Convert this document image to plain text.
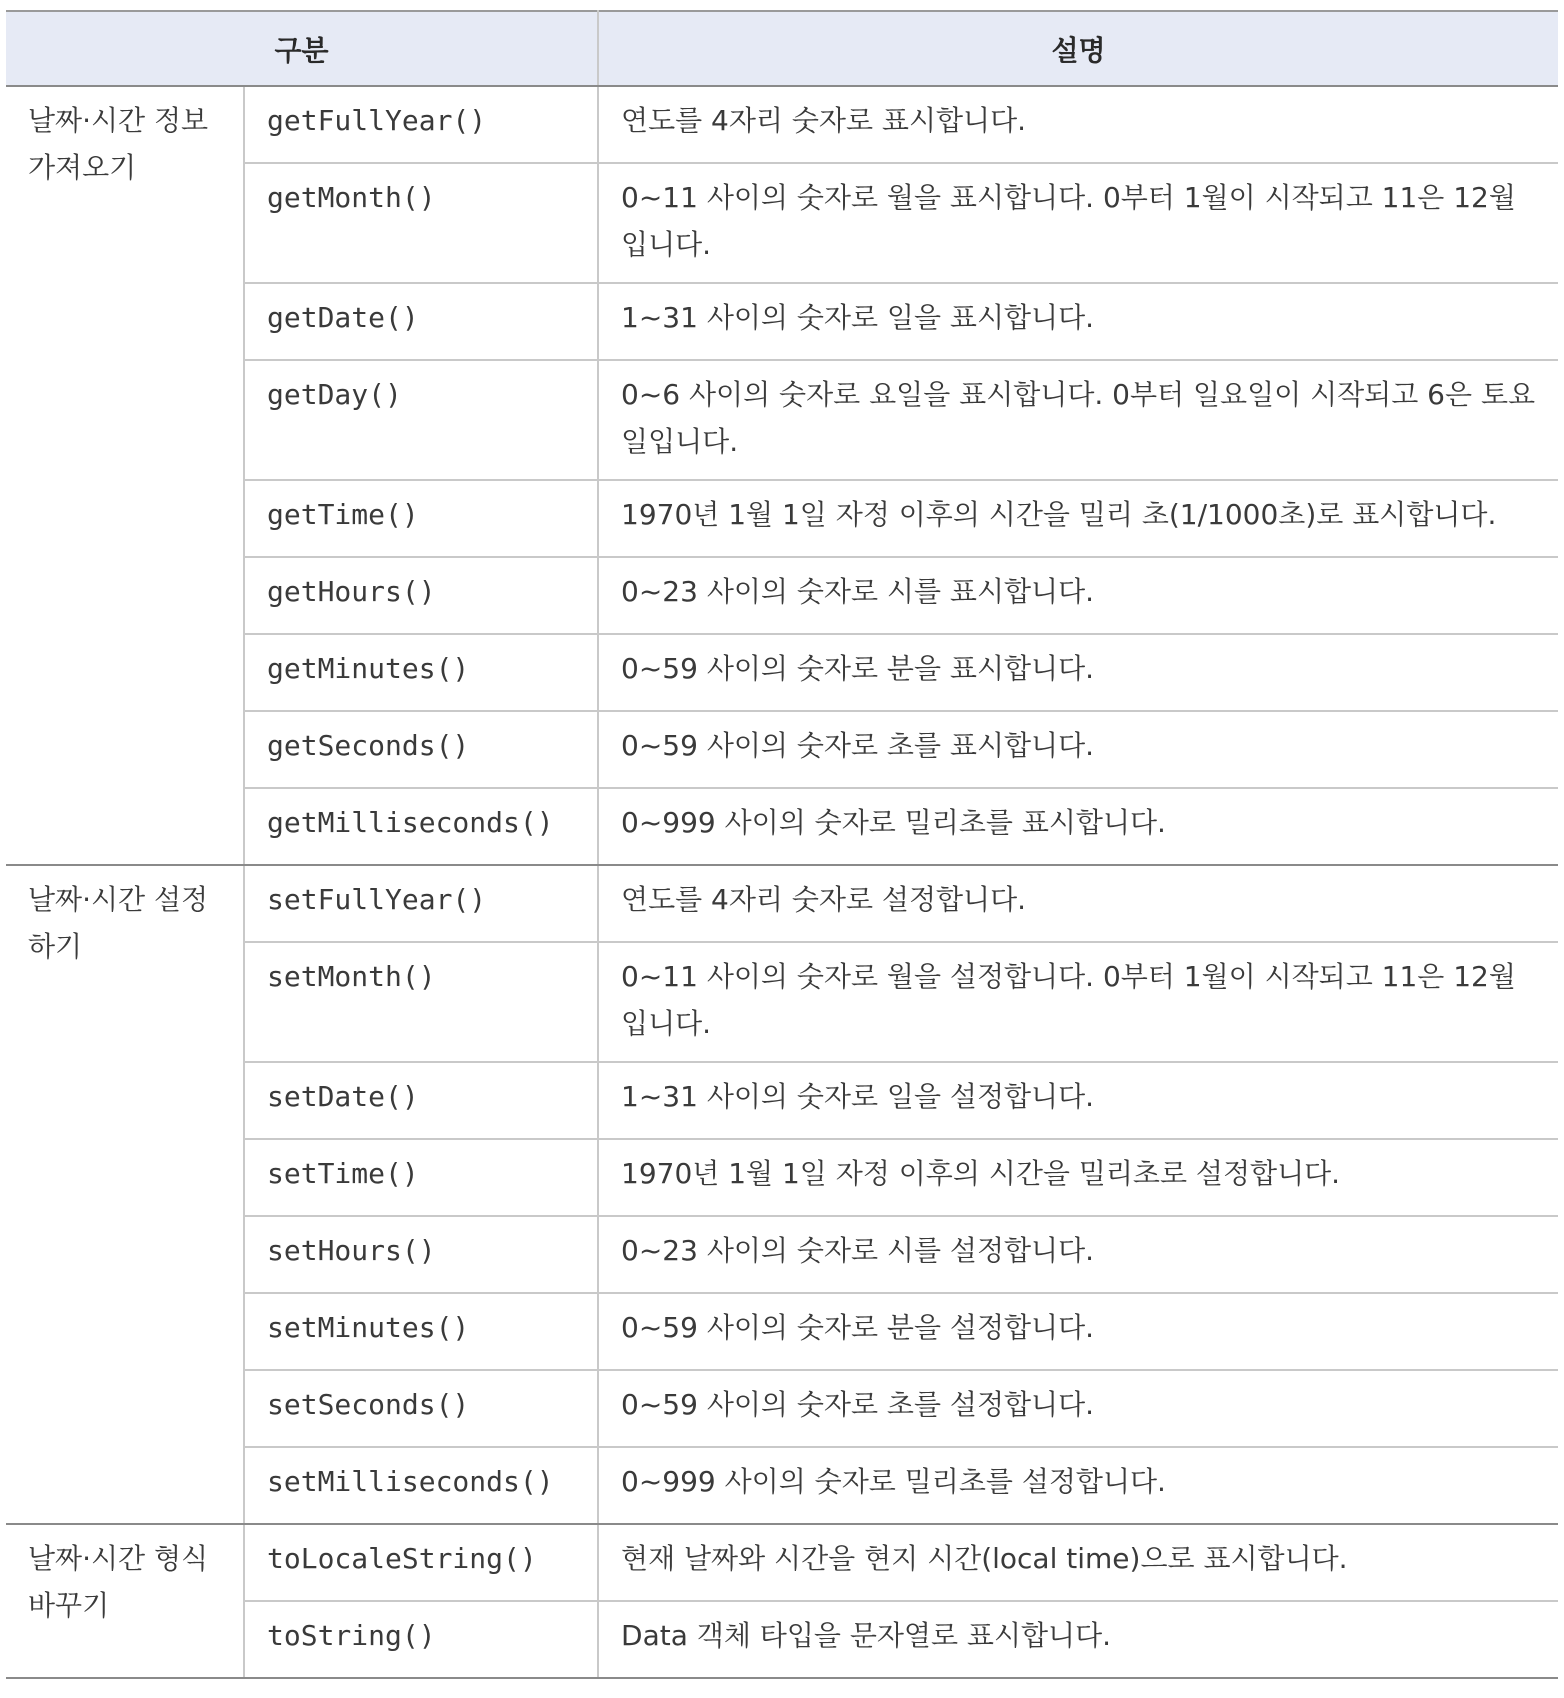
구분		설명
날짜·시간 정보 가져오기	getFullYear()	연도를 4자리 숫자로 표시합니다.
	getMonth()	0~11 사이의 숫자로 월을 표시합니다. 0부터 1월이 시작되고 11은 12월입니다.
	getDate()	1~31 사이의 숫자로 일을 표시합니다.
	getDay()	0~6 사이의 숫자로 요일을 표시합니다. 0부터 일요일이 시작되고 6은 토요일입니다.
	getTime()	1970년 1월 1일 자정 이후의 시간을 밀리 초(1/1000초)로 표시합니다.
	getHours()	0~23 사이의 숫자로 시를 표시합니다.
	getMinutes()	0~59 사이의 숫자로 분을 표시합니다.
	getSeconds()	0~59 사이의 숫자로 초를 표시합니다.
	getMilliseconds()	0~999 사이의 숫자로 밀리초를 표시합니다.
날짜·시간 설정하기	setFullYear()	연도를 4자리 숫자로 설정합니다.
	setMonth()	0~11 사이의 숫자로 월을 설정합니다. 0부터 1월이 시작되고 11은 12월입니다.
	setDate()	1~31 사이의 숫자로 일을 설정합니다.
	setTime()	1970년 1월 1일 자정 이후의 시간을 밀리초로 설정합니다.
	setHours()	0~23 사이의 숫자로 시를 설정합니다.
	setMinutes()	0~59 사이의 숫자로 분을 설정합니다.
	setSeconds()	0~59 사이의 숫자로 초를 설정합니다.
	setMilliseconds()	0~999 사이의 숫자로 밀리초를 설정합니다.
날짜·시간 형식 바꾸기	toLocaleString()	현재 날짜와 시간을 현지 시간(local time)으로 표시합니다.
	toString()	Data 객체 타입을 문자열로 표시합니다.
